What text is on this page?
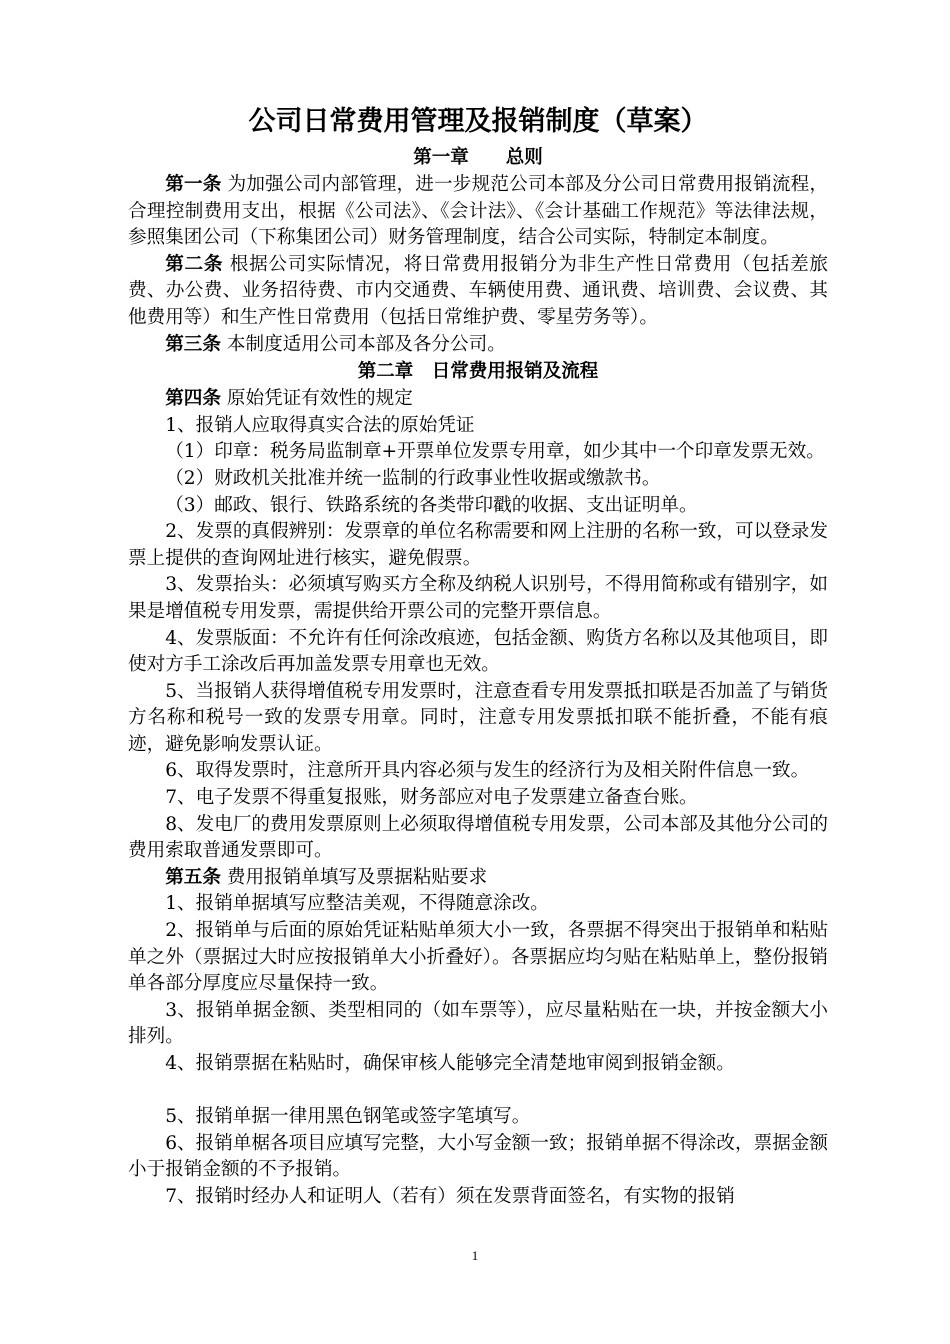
公司日常费用管理及报销制度（草案）
第一章　　总则

第一条 为加强公司内部管理，进一步规范公司本部及分公司日常费用报销流程，合理控制费用支出，根据《公司法》、《会计法》、《会计基础工作规范》等法律法规，参照集团公司（下称集团公司）财务管理制度，结合公司实际，特制定本制度。

第二条 根据公司实际情况，将日常费用报销分为非生产性日常费用（包括差旅费、办公费、业务招待费、市内交通费、车辆使用费、通讯费、培训费、会议费、其他费用等）和生产性日常费用（包括日常维护费、零星劳务等）。

第三条 本制度适用公司本部及各分公司。

第二章　日常费用报销及流程

第四条 原始凭证有效性的规定

1、报销人应取得真实合法的原始凭证

（1）印章：税务局监制章+开票单位发票专用章，如少其中一个印章发票无效。

（2）财政机关批准并统一监制的行政事业性收据或缴款书。

（3）邮政、银行、铁路系统的各类带印戳的收据、支出证明单。

2、发票的真假辨别：发票章的单位名称需要和网上注册的名称一致，可以登录发票上提供的查询网址进行核实，避免假票。

3、发票抬头：必须填写购买方全称及纳税人识别号，不得用简称或有错别字，如果是增值税专用发票，需提供给开票公司的完整开票信息。

4、发票版面：不允许有任何涂改痕迹，包括金额、购货方名称以及其他项目，即使对方手工涂改后再加盖发票专用章也无效。

5、当报销人获得增值税专用发票时，注意查看专用发票抵扣联是否加盖了与销货方名称和税号一致的发票专用章。同时，注意专用发票抵扣联不能折叠，不能有痕迹，避免影响发票认证。

6、取得发票时，注意所开具内容必须与发生的经济行为及相关附件信息一致。

7、电子发票不得重复报账，财务部应对电子发票建立备查台账。

8、发电厂的费用发票原则上必须取得增值税专用发票，公司本部及其他分公司的费用索取普通发票即可。

第五条 费用报销单填写及票据粘贴要求

1、报销单据填写应整洁美观，不得随意涂改。

2、报销单与后面的原始凭证粘贴单须大小一致，各票据不得突出于报销单和粘贴单之外（票据过大时应按报销单大小折叠好）。各票据应均匀贴在粘贴单上，整份报销单各部分厚度应尽量保持一致。

3、报销单据金额、类型相同的（如车票等），应尽量粘贴在一块，并按金额大小排列。

4、报销票据在粘贴时，确保审核人能够完全清楚地审阅到报销金额。

5、报销单据一律用黑色钢笔或签字笔填写。

6、报销单椐各项目应填写完整，大小写金额一致；报销单据不得涂改，票据金额小于报销金额的不予报销。

7、报销时经办人和证明人（若有）须在发票背面签名，有实物的报销

1
